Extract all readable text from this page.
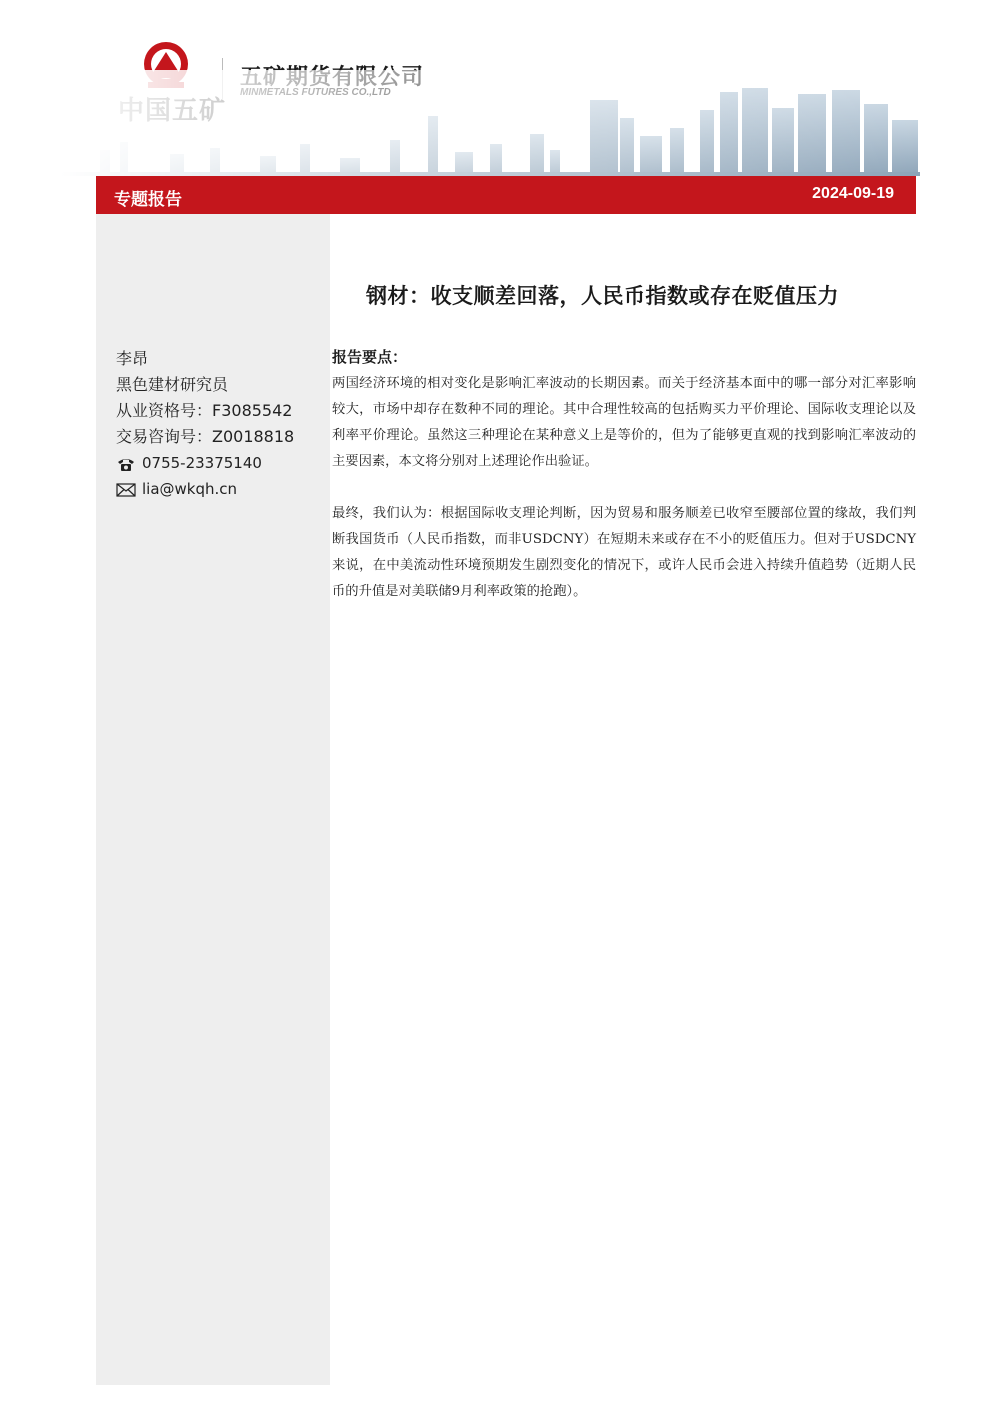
专题报告	2024-09-19
李昂
黑色建材研究员
从业资格号：F3085542
交易咨询号：Z0018818
0755-23375140
lia@wkqh.cn
钢材：收支顺差回落，人民币指数或存在贬值压力
报告要点：
两国经济环境的相对变化是影响汇率波动的长期因素。而关于经济基本面中的哪一部分对汇率影响较大，市场中却存在数种不同的理论。其中合理性较高的包括购买力平价理论、国际收支理论以及利率平价理论。虽然这三种理论在某种意义上是等价的，但为了能够更直观的找到影响汇率波动的主要因素，本文将分别对上述理论作出验证。
最终，我们认为：根据国际收支理论判断，因为贸易和服务顺差已收窄至腰部位置的缘故，我们判断我国货币（人民币指数，而非USDCNY）在短期未来或存在不小的贬值压力。但对于USDCNY来说，在中美流动性环境预期发生剧烈变化的情况下，或许人民币会进入持续升值趋势（近期人民币的升值是对美联储9月利率政策的抢跑）。
